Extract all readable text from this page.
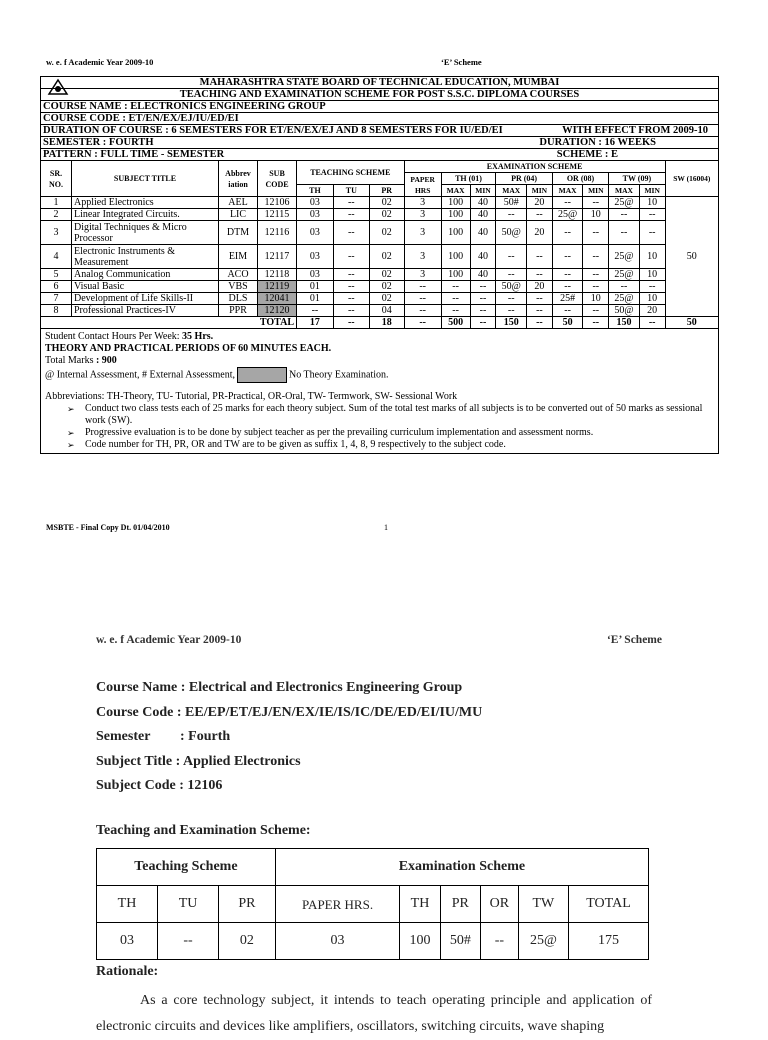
w. e. f Academic Year 2009-10	‘E’ Scheme
MAHARASHTRA STATE BOARD OF TECHNICAL EDUCATION, MUMBAI																
TEACHING AND EXAMINATION SCHEME FOR POST S.S.C. DIPLOMA COURSES																
COURSE NAME : ELECTRONICS ENGINEERING GROUP																
COURSE CODE : ET/EN/EX/EJ/IU/ED/EI																

DURATION OF COURSE : 6 SEMESTERS FOR ET/EN/EX/EJ AND 8 SEMESTERS FOR IU/ED/EI WITH EFFECT FROM 2009-10																

SEMESTER : FOURTH DURATION : 16 WEEKS																

PATTERN : FULL TIME - SEMESTER SCHEME : E																

SR. NO.	SUBJECT TITLE	Abbrev iation	SUB CODE	TEACHING SCHEME			EXAMINATION SCHEME									SW (16004)
							PAPER HRS	TH (01)		PR (04)		OR (08)		TW (09)		
				TH	TU	PR		MAX	MIN	MAX	MIN	MAX	MIN	MAX	MIN	
1	Applied Electronics	AEL	12106	03	--	02	3	100	40	50#	20	--	--	25@	10	50
2	Linear Integrated Circuits.	LIC	12115	03	--	02	3	100	40	--	--	25@	10	--	--	
3	Digital Techniques & Micro Processor	DTM	12116	03	--	02	3	100	40	50@	20	--	--	--	--	
4	Electronic Instruments & Measurement	EIM	12117	03	--	02	3	100	40	--	--	--	--	25@	10	
5	Analog Communication	ACO	12118	03	--	02	3	100	40	--	--	--	--	25@	10	
6	Visual Basic	VBS	12119	01	--	02	--	--	--	50@	20	--	--	--	--	
7	Development of Life Skills-II	DLS	12041	01	--	02	--	--	--	--	--	25#	10	25@	10	
8	Professional Practices-IV	PPR	12120	--	--	04	--	--	--	--	--	--	--	50@	20	
TOTAL				17	--	18	--	500	--	150	--	50	--	150	--	50
Student Contact Hours Per Week: 35 Hrs.
THEORY AND PRACTICAL PERIODS OF 60 MINUTES EACH.
Total Marks : 900
@ Internal Assessment, # External Assessment,	No Theory Examination.
Abbreviations: TH-Theory, TU- Tutorial, PR-Practical, OR-Oral, TW- Termwork, SW- Sessional Work
➢ Conduct two class tests each of 25 marks for each theory subject. Sum of the total test marks of all subjects is to be converted out of 50 marks as sessional work (SW).
➢ Progressive evaluation is to be done by subject teacher as per the prevailing curriculum implementation and assessment norms.
➢ Code number for TH, PR, OR and TW are to be given as suffix 1, 4, 8, 9 respectively to the subject code.
MSBTE - Final Copy Dt. 01/04/2010	1
w. e. f Academic Year 2009-10	‘E’ Scheme
Course Name : Electrical and Electronics Engineering Group
Course Code : EE/EP/ET/EJ/EN/EX/IE/IS/IC/DE/ED/EI/IU/MU
Semester : Fourth
Subject Title : Applied Electronics
Subject Code : 12106
Teaching and Examination Scheme:
Teaching Scheme			Examination Scheme					
TH	TU	PR	PAPER HRS.	TH	PR	OR	TW	TOTAL
03	--	02	03	100	50#	--	25@	175
Rationale:
As a core technology subject, it intends to teach operating principle and application of electronic circuits and devices like amplifiers, oscillators, switching circuits, wave shaping
